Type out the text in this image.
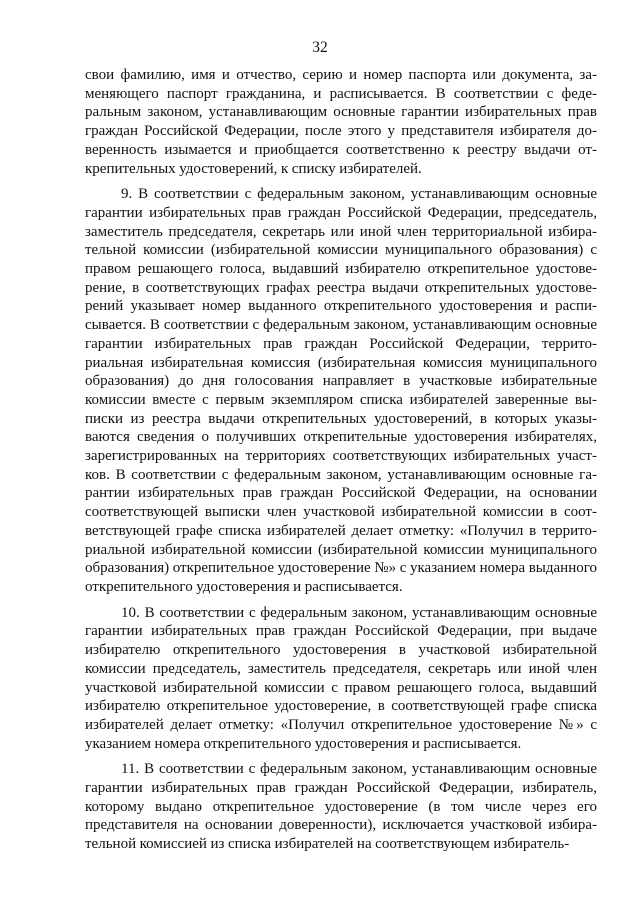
32

свои фамилию, имя и отчество, серию и номер паспорта или документа, заменяющего паспорт гражданина, и расписывается. В соответствии с федеральным законом, устанавливающим основные гарантии избирательных прав граждан Российской Федерации, после этого у представителя избирателя доверенность изымается и приобщается соответственно к реестру выдачи открепительных удостоверений, к списку избирателей.

9. В соответствии с федеральным законом, устанавливающим основные гарантии избирательных прав граждан Российской Федерации, председатель, заместитель председателя, секретарь или иной член территориальной избирательной комиссии (избирательной комиссии муниципального образования) с правом решающего голоса, выдавший избирателю открепительное удостоверение, в соответствующих графах реестра выдачи открепительных удостоверений указывает номер выданного открепительного удостоверения и расписывается. В соответствии с федеральным законом, устанавливающим основные гарантии избирательных прав граждан Российской Федерации, территориальная избирательная комиссия (избирательная комиссия муниципального образования) до дня голосования направляет в участковые избирательные комиссии вместе с первым экземпляром списка избирателей заверенные выписки из реестра выдачи открепительных удостоверений, в которых указываются сведения о получивших открепительные удостоверения избирателях, зарегистрированных на территориях соответствующих избирательных участков. В соответствии с федеральным законом, устанавливающим основные гарантии избирательных прав граждан Российской Федерации, на основании соответствующей выписки член участковой избирательной комиссии в соответствующей графе списка избирателей делает отметку: «Получил в территориальной избирательной комиссии (избирательной комиссии муниципального образования) открепительное удостоверение №» с указанием номера выданного открепительного удостоверения и расписывается.

10. В соответствии с федеральным законом, устанавливающим основные гарантии избирательных прав граждан Российской Федерации, при выдаче избирателю открепительного удостоверения в участковой избирательной комиссии председатель, заместитель председателя, секретарь или иной член участковой избирательной комиссии с правом решающего голоса, выдавший избирателю открепительное удостоверение, в соответствующей графе списка избирателей делает отметку: «Получил открепительное удостоверение №» с указанием номера открепительного удостоверения и расписывается.

11. В соответствии с федеральным законом, устанавливающим основные гарантии избирательных прав граждан Российской Федерации, избиратель, которому выдано открепительное удостоверение (в том числе через его представителя на основании доверенности), исключается участковой избирательной комиссией из списка избирателей на соответствующем избиратель-
